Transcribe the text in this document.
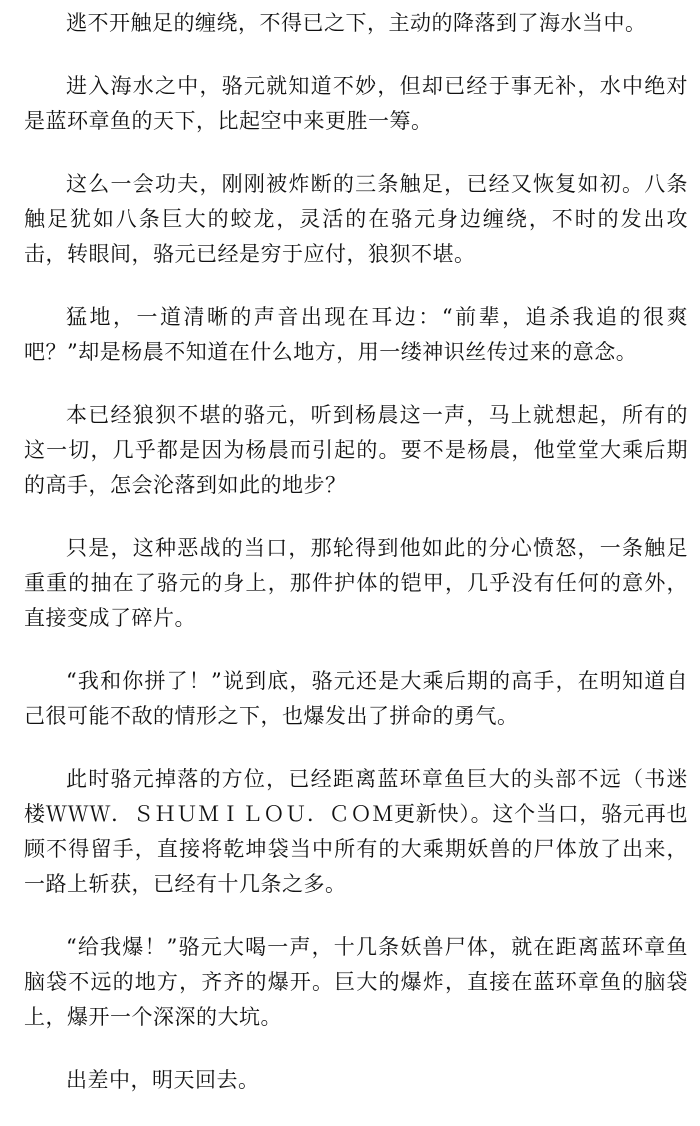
逃不开触足的缠绕，不得已之下，主动的降落到了海水当中。

进入海水之中，骆元就知道不妙，但却已经于事无补，水中绝对是蓝环章鱼的天下，比起空中来更胜一筹。

这么一会功夫，刚刚被炸断的三条触足，已经又恢复如初。八条触足犹如八条巨大的蛟龙，灵活的在骆元身边缠绕，不时的发出攻击，转眼间，骆元已经是穷于应付，狼狈不堪。

猛地，一道清晰的声音出现在耳边：“前辈，追杀我追的很爽吧？”却是杨晨不知道在什么地方，用一缕神识丝传过来的意念。

本已经狼狈不堪的骆元，听到杨晨这一声，马上就想起，所有的这一切，几乎都是因为杨晨而引起的。要不是杨晨，他堂堂大乘后期的高手，怎会沦落到如此的地步？

只是，这种恶战的当口，那轮得到他如此的分心愤怒，一条触足重重的抽在了骆元的身上，那件护体的铠甲，几乎没有任何的意外，直接变成了碎片。

“我和你拼了！”说到底，骆元还是大乘后期的高手，在明知道自己很可能不敌的情形之下，也爆发出了拼命的勇气。

此时骆元掉落的方位，已经距离蓝环章鱼巨大的头部不远（书迷楼ＷＷＷ．ＳＨＵＭＩＬＯＵ．ＣＯＭ更新快）。这个当口，骆元再也顾不得留手，直接将乾坤袋当中所有的大乘期妖兽的尸体放了出来，一路上斩获，已经有十几条之多。

“给我爆！”骆元大喝一声，十几条妖兽尸体，就在距离蓝环章鱼脑袋不远的地方，齐齐的爆开。巨大的爆炸，直接在蓝环章鱼的脑袋上，爆开一个深深的大坑。

出差中，明天回去。
